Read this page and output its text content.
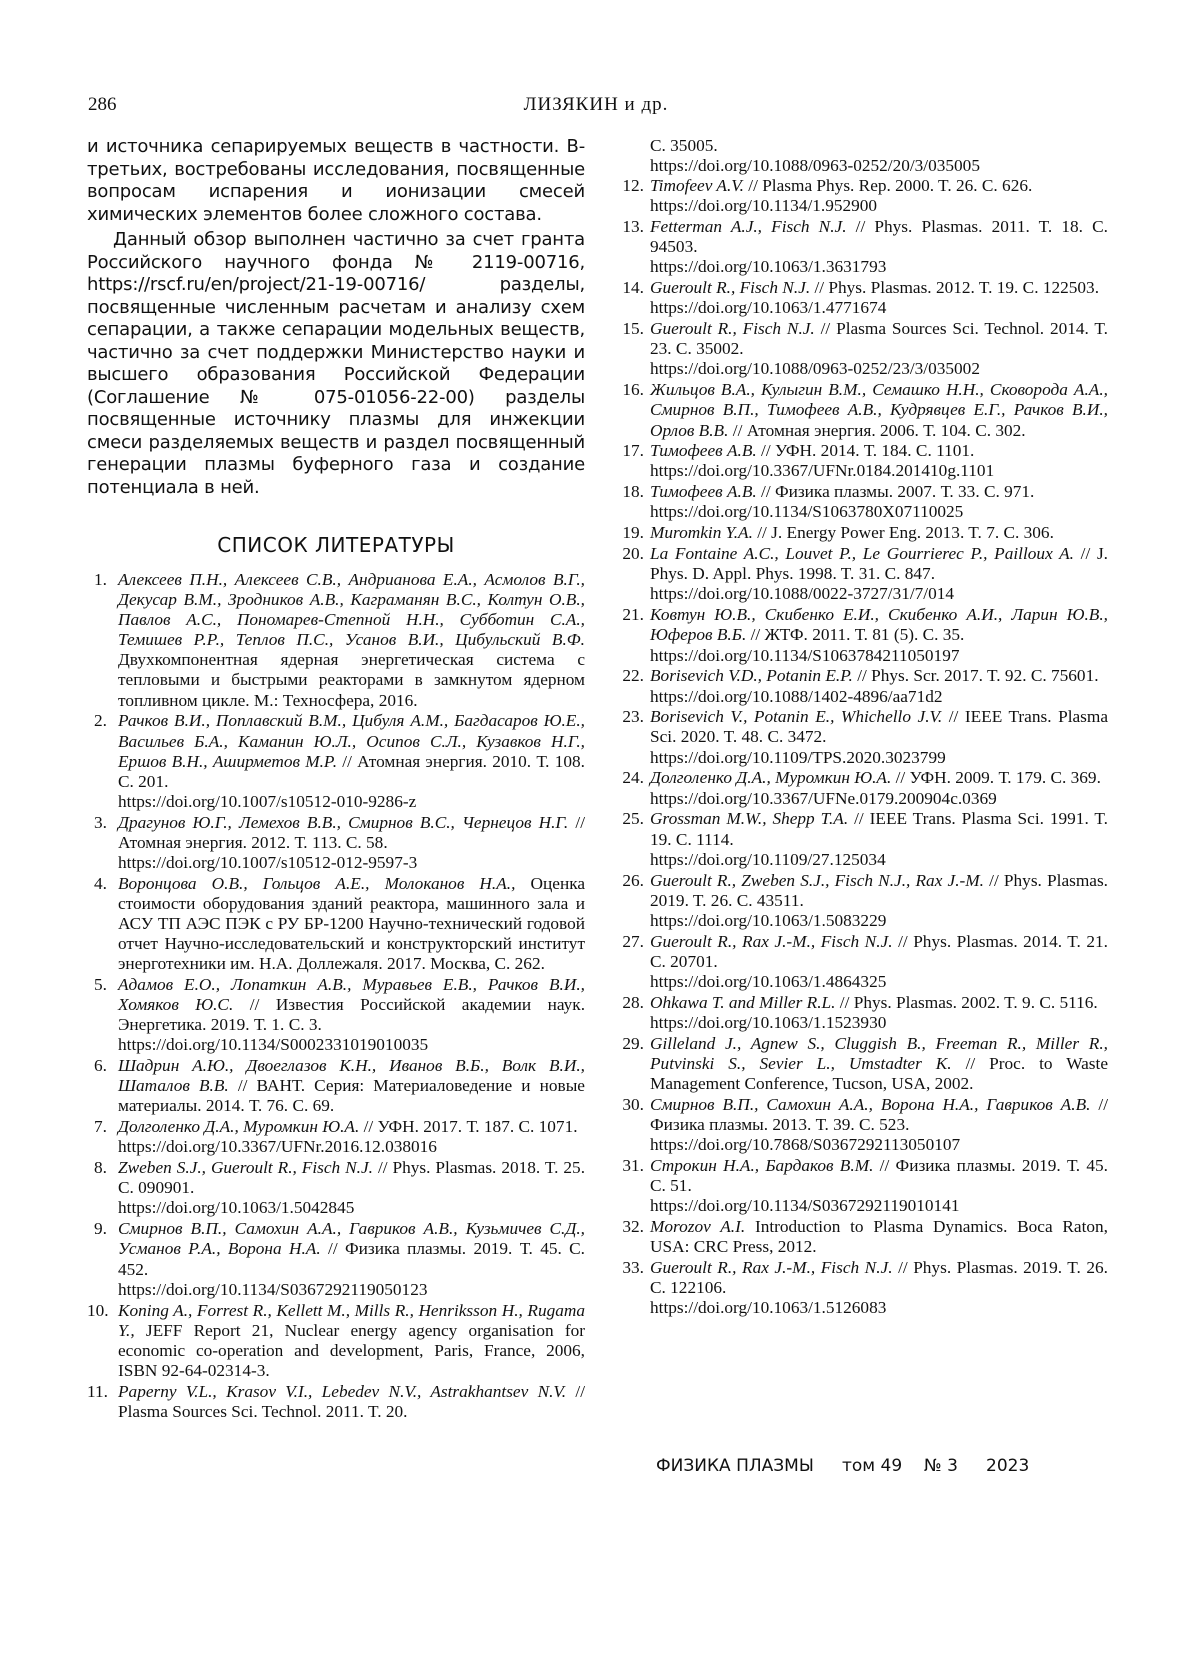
286	ЛИЗЯКИН и др.

и источника сепарируемых веществ в частности. В-третьих, востребованы исследования, посвященные вопросам испарения и ионизации смесей химических элементов более сложного состава.

Данный обзор выполнен частично за счет гранта Российского научного фонда № 2119-00716, https://rscf.ru/en/project/21-19-00716/ разделы, посвященные численным расчетам и анализу схем сепарации, а также сепарации модельных веществ, частично за счет поддержки Министерство науки и высшего образования Российской Федерации (Соглашение № 075-01056-22-00) разделы посвященные источнику плазмы для инжекции смеси разделяемых веществ и раздел посвященный генерации плазмы буферного газа и создание потенциала в ней.

СПИСОК ЛИТЕРАТУРЫ
1. Алексеев П.Н., Алексеев С.В., Андрианова Е.А., Асмолов В.Г., Декусар В.М., Зродников А.В., Каграманян В.С., Колтун О.В., Павлов А.С., Пономарев-Степной Н.Н., Субботин С.А., Темишев Р.Р., Теплов П.С., Усанов В.И., Цибульский В.Ф. Двухкомпонентная ядерная энергетическая система с тепловыми и быстрыми реакторами в замкнутом ядерном топливном цикле. М.: Техносфера, 2016.
2. Рачков В.И., Поплавский В.М., Цибуля А.М., Багдасаров Ю.Е., Васильев Б.А., Каманин Ю.Л., Осипов С.Л., Кузавков Н.Г., Ершов В.Н., Аширметов М.Р. // Атомная энергия. 2010. Т. 108. С. 201.
https://doi.org/10.1007/s10512-010-9286-z
3. Драгунов Ю.Г., Лемехов В.В., Смирнов В.С., Чернецов Н.Г. // Атомная энергия. 2012. Т. 113. С. 58.
https://doi.org/10.1007/s10512-012-9597-3
4. Воронцова О.В., Гольцов А.Е., Молоканов Н.А., Оценка стоимости оборудования зданий реактора, машинного зала и АСУ ТП АЭС ПЭК с РУ БР-1200 Научно-технический годовой отчет Научно-исследовательский и конструкторский институт энерготехники им. Н.А. Доллежаля. 2017. Москва, С. 262.
5. Адамов Е.О., Лопаткин А.В., Муравьев Е.В., Рачков В.И., Хомяков Ю.С. // Известия Российской академии наук. Энергетика. 2019. Т. 1. С. 3.
https://doi.org/10.1134/S0002331019010035
6. Шадрин А.Ю., Двоеглазов К.Н., Иванов В.Б., Волк В.И., Шаталов В.В. // ВАНТ. Серия: Материаловедение и новые материалы. 2014. Т. 76. С. 69.
7. Долголенко Д.А., Муромкин Ю.А. // УФН. 2017. Т. 187. С. 1071.
https://doi.org/10.3367/UFNr.2016.12.038016
8. Zweben S.J., Gueroult R., Fisch N.J. // Phys. Plasmas. 2018. T. 25. C. 090901.
https://doi.org/10.1063/1.5042845
9. Смирнов В.П., Самохин А.А., Гавриков А.В., Кузьмичев С.Д., Усманов Р.А., Ворона Н.А. // Физика плазмы. 2019. Т. 45. С. 452.
https://doi.org/10.1134/S0367292119050123
10. Koning A., Forrest R., Kellett M., Mills R., Henriksson H., Rugama Y., JEFF Report 21, Nuclear energy agency organisation for economic co-operation and development, Paris, France, 2006, ISBN 92-64-02314-3.
11. Paperny V.L., Krasov V.I., Lebedev N.V., Astrakhantsev N.V. // Plasma Sources Sci. Technol. 2011. T. 20.
C. 35005.
https://doi.org/10.1088/0963-0252/20/3/035005
12. Timofeev A.V. // Plasma Phys. Rep. 2000. T. 26. C. 626.
https://doi.org/10.1134/1.952900
13. Fetterman A.J., Fisch N.J. // Phys. Plasmas. 2011. T. 18. C. 94503.
https://doi.org/10.1063/1.3631793
14. Gueroult R., Fisch N.J. // Phys. Plasmas. 2012. T. 19. C. 122503.
https://doi.org/10.1063/1.4771674
15. Gueroult R., Fisch N.J. // Plasma Sources Sci. Technol. 2014. T. 23. C. 35002.
https://doi.org/10.1088/0963-0252/23/3/035002
16. Жильцов В.А., Кулыгин В.М., Семашко Н.Н., Сковорода А.А., Смирнов В.П., Тимофеев А.В., Кудрявцев Е.Г., Рачков В.И., Орлов В.В. // Атомная энергия. 2006. Т. 104. С. 302.
17. Тимофеев А.В. // УФН. 2014. Т. 184. С. 1101.
https://doi.org/10.3367/UFNr.0184.201410g.1101
18. Тимофеев А.В. // Физика плазмы. 2007. Т. 33. С. 971.
https://doi.org/10.1134/S1063780X07110025
19. Muromkin Y.A. // J. Energy Power Eng. 2013. T. 7. C. 306.
20. La Fontaine A.C., Louvet P., Le Gourrierec P., Pailloux A. // J. Phys. D. Appl. Phys. 1998. T. 31. C. 847.
https://doi.org/10.1088/0022-3727/31/7/014
21. Ковтун Ю.В., Скибенко Е.И., Скибенко А.И., Ларин Ю.В., Юферов В.Б. // ЖТФ. 2011. Т. 81 (5). С. 35.
https://doi.org/10.1134/S1063784211050197
22. Borisevich V.D., Potanin E.P. // Phys. Scr. 2017. T. 92. C. 75601.
https://doi.org/10.1088/1402-4896/aa71d2
23. Borisevich V., Potanin E., Whichello J.V. // IEEE Trans. Plasma Sci. 2020. T. 48. C. 3472.
https://doi.org/10.1109/TPS.2020.3023799
24. Долголенко Д.А., Муромкин Ю.А. // УФН. 2009. Т. 179. С. 369.
https://doi.org/10.3367/UFNe.0179.200904c.0369
25. Grossman M.W., Shepp T.A. // IEEE Trans. Plasma Sci. 1991. T. 19. C. 1114.
https://doi.org/10.1109/27.125034
26. Gueroult R., Zweben S.J., Fisch N.J., Rax J.-M. // Phys. Plasmas. 2019. T. 26. C. 43511.
https://doi.org/10.1063/1.5083229
27. Gueroult R., Rax J.-M., Fisch N.J. // Phys. Plasmas. 2014. T. 21. C. 20701.
https://doi.org/10.1063/1.4864325
28. Ohkawa T. and Miller R.L. // Phys. Plasmas. 2002. T. 9. C. 5116.
https://doi.org/10.1063/1.1523930
29. Gilleland J., Agnew S., Cluggish B., Freeman R., Miller R., Putvinski S., Sevier L., Umstadter K. // Proc. to Waste Management Conference, Tucson, USA, 2002.
30. Смирнов В.П., Самохин А.А., Ворона Н.А., Гавриков А.В. // Физика плазмы. 2013. Т. 39. С. 523.
https://doi.org/10.7868/S0367292113050107
31. Строкин Н.А., Бардаков В.М. // Физика плазмы. 2019. Т. 45. С. 51.
https://doi.org/10.1134/S0367292119010141
32. Morozov A.I. Introduction to Plasma Dynamics. Boca Raton, USA: CRC Press, 2012.
33. Gueroult R., Rax J.-M., Fisch N.J. // Phys. Plasmas. 2019. T. 26. C. 122106.
https://doi.org/10.1063/1.5126083
ФИЗИКА ПЛАЗМЫ том 49 № 3 2023
